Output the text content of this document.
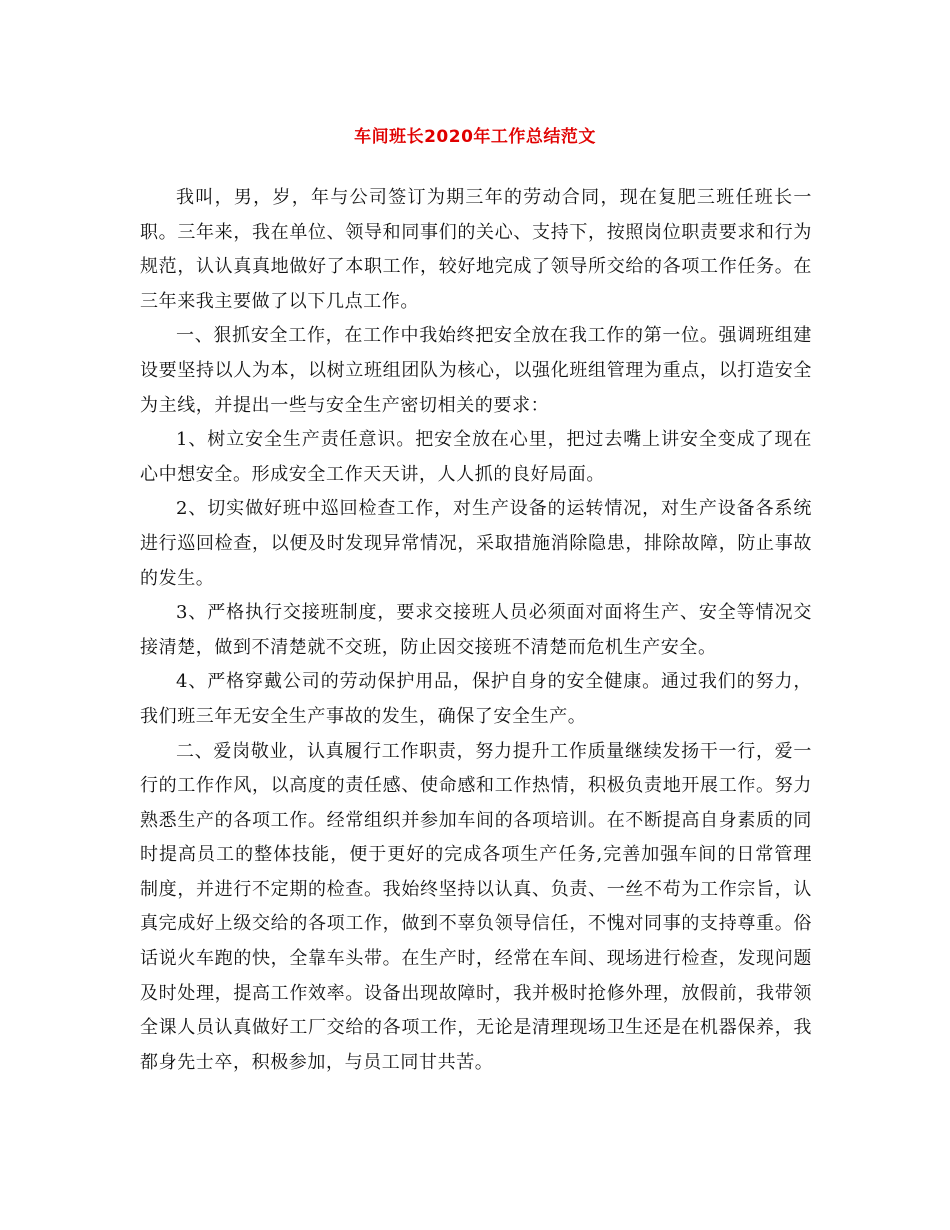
车间班长2020年工作总结范文

我叫，男，岁，年与公司签订为期三年的劳动合同，现在复肥三班任班长一职。三年来，我在单位、领导和同事们的关心、支持下，按照岗位职责要求和行为规范，认认真真地做好了本职工作，较好地完成了领导所交给的各项工作任务。在三年来我主要做了以下几点工作。

一、狠抓安全工作，在工作中我始终把安全放在我工作的第一位。强调班组建设要坚持以人为本，以树立班组团队为核心，以强化班组管理为重点，以打造安全为主线，并提出一些与安全生产密切相关的要求：

1、树立安全生产责任意识。把安全放在心里，把过去嘴上讲安全变成了现在心中想安全。形成安全工作天天讲，人人抓的良好局面。

2、切实做好班中巡回检查工作，对生产设备的运转情况，对生产设备各系统进行巡回检查，以便及时发现异常情况，采取措施消除隐患，排除故障，防止事故的发生。

3、严格执行交接班制度，要求交接班人员必须面对面将生产、安全等情况交接清楚，做到不清楚就不交班，防止因交接班不清楚而危机生产安全。

4、严格穿戴公司的劳动保护用品，保护自身的安全健康。通过我们的努力，我们班三年无安全生产事故的发生，确保了安全生产。

二、爱岗敬业，认真履行工作职责，努力提升工作质量继续发扬干一行，爱一行的工作作风，以高度的责任感、使命感和工作热情，积极负责地开展工作。努力熟悉生产的各项工作。经常组织并参加车间的各项培训。在不断提高自身素质的同时提高员工的整体技能，便于更好的完成各项生产任务,完善加强车间的日常管理制度，并进行不定期的检查。我始终坚持以认真、负责、一丝不苟为工作宗旨，认真完成好上级交给的各项工作，做到不辜负领导信任，不愧对同事的支持尊重。俗话说火车跑的快，全靠车头带。在生产时，经常在车间、现场进行检查，发现问题及时处理，提高工作效率。设备出现故障时，我并极时抢修外理，放假前，我带领全课人员认真做好工厂交给的各项工作，无论是清理现场卫生还是在机器保养，我都身先士卒，积极参加，与员工同甘共苦。
